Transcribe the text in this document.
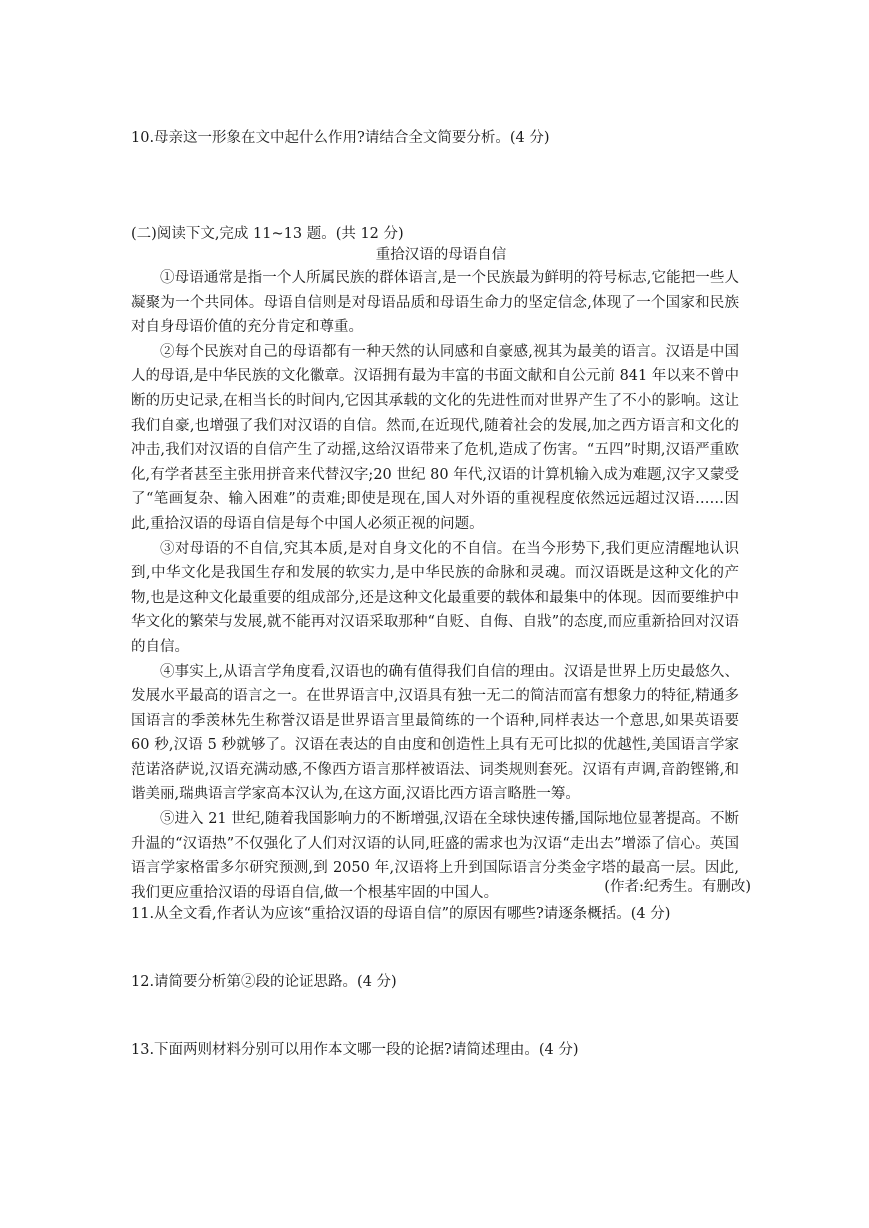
10.母亲这一形象在文中起什么作用?请结合全文简要分析。(4 分)
(二)阅读下文,完成 11~13 题。(共 12 分)
重拾汉语的母语自信

①母语通常是指一个人所属民族的群体语言,是一个民族最为鲜明的符号标志,它能把一些人凝聚为一个共同体。母语自信则是对母语品质和母语生命力的坚定信念,体现了一个国家和民族对自身母语价值的充分肯定和尊重。

②每个民族对自己的母语都有一种天然的认同感和自豪感,视其为最美的语言。汉语是中国人的母语,是中华民族的文化徽章。汉语拥有最为丰富的书面文献和自公元前 841 年以来不曾中断的历史记录,在相当长的时间内,它因其承载的文化的先进性而对世界产生了不小的影响。这让我们自豪,也增强了我们对汉语的自信。然而,在近现代,随着社会的发展,加之西方语言和文化的冲击,我们对汉语的自信产生了动摇,这给汉语带来了危机,造成了伤害。“五四”时期,汉语严重欧化,有学者甚至主张用拼音来代替汉字;20 世纪 80 年代,汉语的计算机输入成为难题,汉字又蒙受了“笔画复杂、输入困难”的责难;即使是现在,国人对外语的重视程度依然远远超过汉语……因此,重拾汉语的母语自信是每个中国人必须正视的问题。

③对母语的不自信,究其本质,是对自身文化的不自信。在当今形势下,我们更应清醒地认识到,中华文化是我国生存和发展的软实力,是中华民族的命脉和灵魂。而汉语既是这种文化的产物,也是这种文化最重要的组成部分,还是这种文化最重要的载体和最集中的体现。因而要维护中华文化的繁荣与发展,就不能再对汉语采取那种“自贬、自侮、自戕”的态度,而应重新拾回对汉语的自信。

④事实上,从语言学角度看,汉语也的确有值得我们自信的理由。汉语是世界上历史最悠久、发展水平最高的语言之一。在世界语言中,汉语具有独一无二的简洁而富有想象力的特征,精通多国语言的季羡林先生称誉汉语是世界语言里最简练的一个语种,同样表达一个意思,如果英语要 60 秒,汉语 5 秒就够了。汉语在表达的自由度和创造性上具有无可比拟的优越性,美国语言学家范诺洛萨说,汉语充满动感,不像西方语言那样被语法、词类规则套死。汉语有声调,音韵铿锵,和谐美丽,瑞典语言学家高本汉认为,在这方面,汉语比西方语言略胜一筹。

⑤进入 21 世纪,随着我国影响力的不断增强,汉语在全球快速传播,国际地位显著提高。不断升温的“汉语热”不仅强化了人们对汉语的认同,旺盛的需求也为汉语“走出去”增添了信心。英国语言学家格雷多尔研究预测,到 2050 年,汉语将上升到国际语言分类金字塔的最高一层。因此,我们更应重拾汉语的母语自信,做一个根基牢固的中国人。	(作者:纪秀生。有删改)
11.从全文看,作者认为应该“重拾汉语的母语自信”的原因有哪些?请逐条概括。(4 分)
12.请简要分析第②段的论证思路。(4 分)
13.下面两则材料分别可以用作本文哪一段的论据?请简述理由。(4 分)
